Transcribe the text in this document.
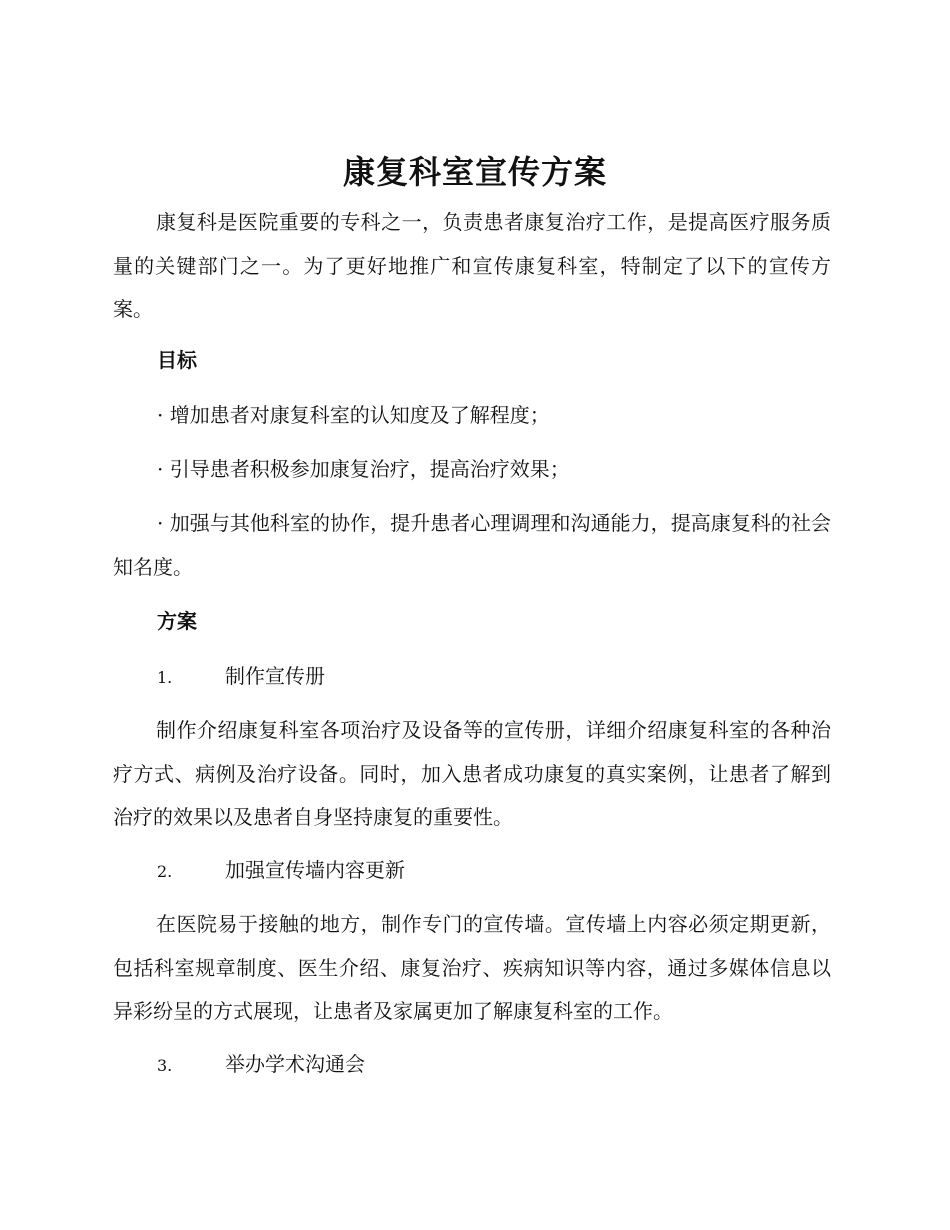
康复科室宣传方案

康复科是医院重要的专科之一，负责患者康复治疗工作，是提高医疗服务质量的关键部门之一。为了更好地推广和宣传康复科室，特制定了以下的宣传方案。

目标
· 增加患者对康复科室的认知度及了解程度；
· 引导患者积极参加康复治疗，提高治疗效果；

· 加强与其他科室的协作，提升患者心理调理和沟通能力，提高康复科的社会知名度。

方案
1.	制作宣传册

制作介绍康复科室各项治疗及设备等的宣传册，详细介绍康复科室的各种治疗方式、病例及治疗设备。同时，加入患者成功康复的真实案例，让患者了解到治疗的效果以及患者自身坚持康复的重要性。

2.	加强宣传墙内容更新

在医院易于接触的地方，制作专门的宣传墙。宣传墙上内容必须定期更新，包括科室规章制度、医生介绍、康复治疗、疾病知识等内容，通过多媒体信息以异彩纷呈的方式展现，让患者及家属更加了解康复科室的工作。

3.	举办学术沟通会
